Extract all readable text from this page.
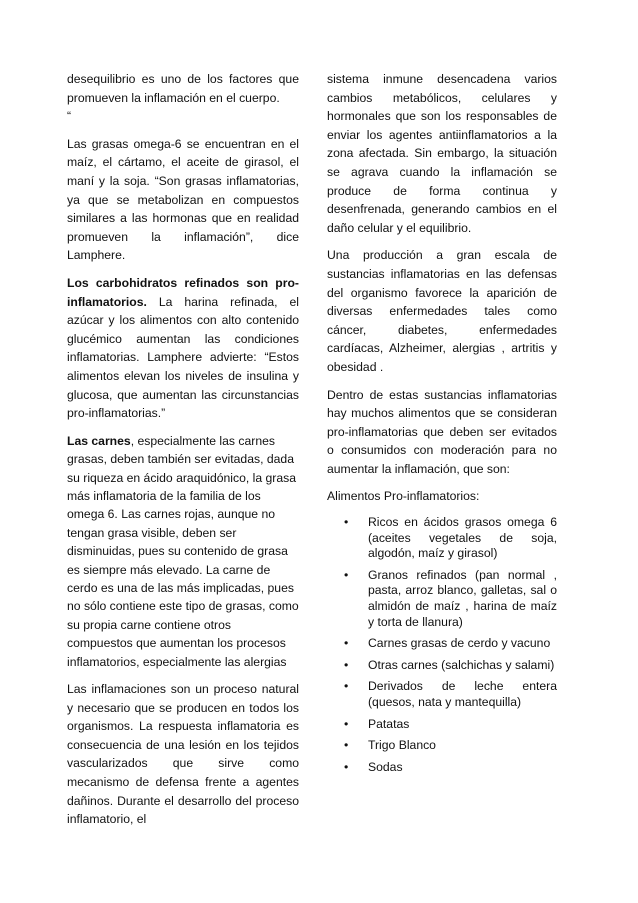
desequilibrio es uno de los factores que promueven la inflamación en el cuerpo.

“

Las grasas omega-6 se encuentran en el maíz, el cártamo, el aceite de girasol, el maní y la soja. “Son grasas inflamatorias, ya que se metabolizan en compuestos similares a las hormonas que en realidad promueven la inflamación”, dice Lamphere.

Los carbohidratos refinados son pro-inflamatorios. La harina refinada, el azúcar y los alimentos con alto contenido glucémico aumentan las condiciones inflamatorias. Lamphere advierte: “Estos alimentos elevan los niveles de insulina y glucosa, que aumentan las circunstancias pro-inflamatorias.”

Las carnes, especialmente las carnes grasas, deben también ser evitadas, dada su riqueza en ácido araquidónico, la grasa más inflamatoria de la familia de los omega 6. Las carnes rojas, aunque no tengan grasa visible, deben ser disminuidas, pues su contenido de grasa es siempre más elevado. La carne de cerdo es una de las más implicadas, pues no sólo contiene este tipo de grasas, como su propia carne contiene otros compuestos que aumentan los procesos inflamatorios, especialmente las alergias

Las inflamaciones son un proceso natural y necesario que se producen en todos los organismos. La respuesta inflamatoria es consecuencia de una lesión en los tejidos vascularizados que sirve como mecanismo de defensa frente a agentes dañinos. Durante el desarrollo del proceso inflamatorio, el

sistema inmune desencadena varios cambios metabólicos, celulares y hormonales que son los responsables de enviar los agentes antiinflamatorios a la zona afectada. Sin embargo, la situación se agrava cuando la inflamación se produce de forma continua y desenfrenada, generando cambios en el daño celular y el equilibrio.

Una producción a gran escala de sustancias inflamatorias en las defensas del organismo favorece la aparición de diversas enfermedades tales como cáncer, diabetes, enfermedades cardíacas, Alzheimer, alergias , artritis y obesidad .

Dentro de estas sustancias inflamatorias hay muchos alimentos que se consideran pro-inflamatorias que deben ser evitados o consumidos con moderación para no aumentar la inflamación, que son:

Alimentos Pro-inflamatorios:

• Ricos en ácidos grasos omega 6 (aceites vegetales de soja, algodón, maíz y girasol)
• Granos refinados (pan normal , pasta, arroz blanco, galletas, sal o almidón de maíz , harina de maíz y torta de llanura)
• Carnes grasas de cerdo y vacuno
• Otras carnes (salchichas y salami)
• Derivados de leche entera (quesos, nata y mantequilla)
• Patatas
• Trigo Blanco
• Sodas
